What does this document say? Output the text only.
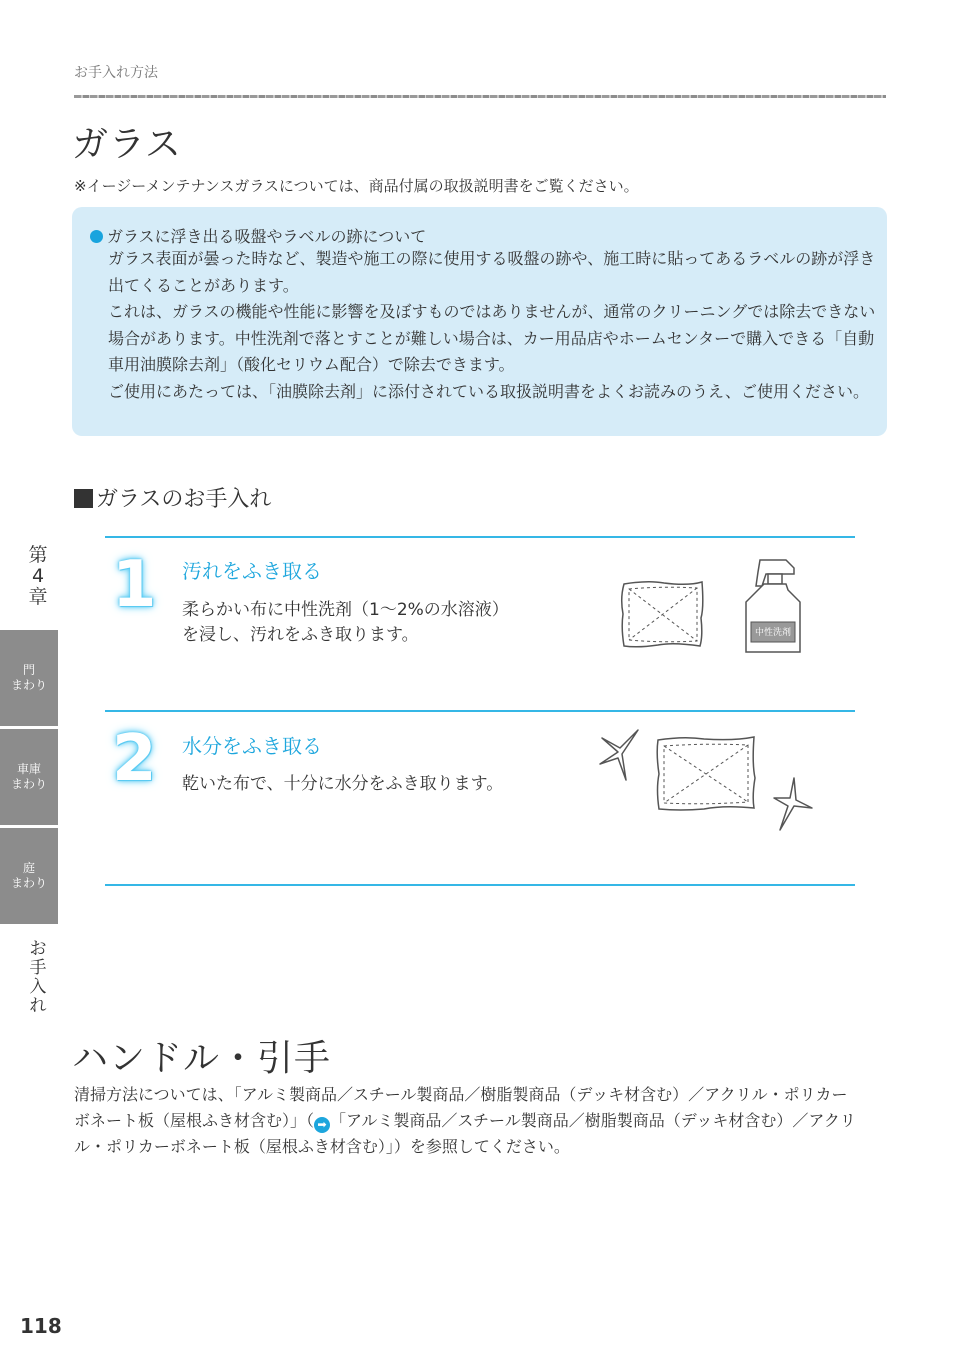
お手入れ方法
ガラス
※イージーメンテナンスガラスについては、商品付属の取扱説明書をご覧ください。
ガラスに浮き出る吸盤やラベルの跡について

ガラス表面が曇った時など、製造や施工の際に使用する吸盤の跡や、施工時に貼ってあるラベルの跡が浮き出てくることがあります。

これは、ガラスの機能や性能に影響を及ぼすものではありませんが、通常のクリーニングでは除去できない場合があります。中性洗剤で落とすことが難しい場合は、カー用品店やホームセンターで購入できる「自動車用油膜除去剤」（酸化セリウム配合）で除去できます。

ご使用にあたっては、「油膜除去剤」に添付されている取扱説明書をよくお読みのうえ、ご使用ください。

ガラスのお手入れ
1 汚れをふき取る
柔らかい布に中性洗剤（1～2%の水溶液）
を浸し、汚れをふき取ります。	中性洗剤
2 水分をふき取る
乾いた布で、十分に水分をふき取ります。
第
4
章
門
まわり
車庫
まわり
庭
まわり
お
手
入
れ
ハンドル・引手
清掃方法については、「アルミ製商品／スチール製商品／樹脂製商品（デッキ材含む）／アクリル・ポリカー
ボネート板（屋根ふき材含む）」（ ➡ 「アルミ製商品／スチール製商品／樹脂製商品（デッキ材含む）／アクリ
ル・ポリカーボネート板（屋根ふき材含む）」）を参照してください。
118
